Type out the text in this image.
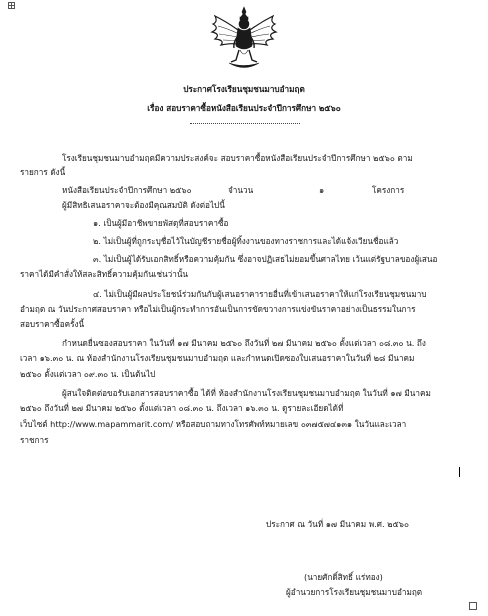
ประกาศโรงเรียนชุมชนมาบอำมฤต
เรื่อง สอบราคาซื้อหนังสือเรียนประจำปีการศึกษา ๒๕๖๐
โรงเรียนชุมชนมาบอำมฤตมีความประสงค์จะ สอบราคาซื้อหนังสือเรียนประจำปีการศึกษา ๒๕๖๐ ตาม
รายการ ดังนี้
หนังสือเรียนประจำปีการศึกษา ๒๕๖๐	จำนวน	๑	โครงการ
ผู้มีสิทธิเสนอราคาจะต้องมีคุณสมบัติ ดังต่อไปนี้
๑. เป็นผู้มีอาชีพขายพัสดุที่สอบราคาซื้อ
๒. ไม่เป็นผู้ที่ถูกระบุชื่อไว้ในบัญชีรายชื่อผู้ทิ้งงานของทางราชการและได้แจ้งเวียนชื่อแล้ว
๓. ไม่เป็นผู้ได้รับเอกสิทธิ์หรือความคุ้มกัน ซึ่งอาจปฏิเสธไม่ยอมขึ้นศาลไทย เว้นแต่รัฐบาลของผู้เสนอ
ราคาได้มีคำสั่งให้สละสิทธิ์ความคุ้มกันเช่นว่านั้น
๔. ไม่เป็นผู้มีผลประโยชน์ร่วมกันกับผู้เสนอราคารายอื่นที่เข้าเสนอราคาให้แก่โรงเรียนชุมชนมาบ
อำมฤต ณ วันประกาศสอบราคา หรือไม่เป็นผู้กระทำการอันเป็นการขัดขวางการแข่งขันราคาอย่างเป็นธรรมในการ
สอบราคาซื้อครั้งนี้
กำหนดยื่นซองสอบราคา ในวันที่ ๑๗ มีนาคม ๒๕๖๐ ถึงวันที่ ๒๗ มีนาคม ๒๕๖๐ ตั้งแต่เวลา ๐๘.๓๐ น. ถึง
เวลา ๑๖.๓๐ น. ณ ห้องสำนักงานโรงเรียนชุมชนมาบอำมฤต และกำหนดเปิดซองใบเสนอราคาในวันที่ ๒๘ มีนาคม
๒๕๖๐ ตั้งแต่เวลา ๐๙.๓๐ น. เป็นต้นไป
ผู้สนใจติดต่อขอรับเอกสารสอบราคาซื้อ ได้ที่ ห้องสำนักงานโรงเรียนชุมชนมาบอำมฤต ในวันที่ ๑๗ มีนาคม
๒๕๖๐ ถึงวันที่ ๒๗ มีนาคม ๒๕๖๐ ตั้งแต่เวลา ๐๘.๓๐ น. ถึงเวลา ๑๖.๓๐ น. ดูรายละเอียดได้ที่
เว็บไซต์ http://www.mapammarit.com/ หรือสอบถามทางโทรศัพท์หมายเลข ๐๓๗๕๗๔๑๓๑ ในวันและเวลา
ราชการ
ประกาศ ณ วันที่ ๑๗ มีนาคม พ.ศ. ๒๕๖๐
(นายศักดิ์สิทธิ์ แร่ทอง)
ผู้อำนวยการโรงเรียนชุมชนมาบอำมฤต
